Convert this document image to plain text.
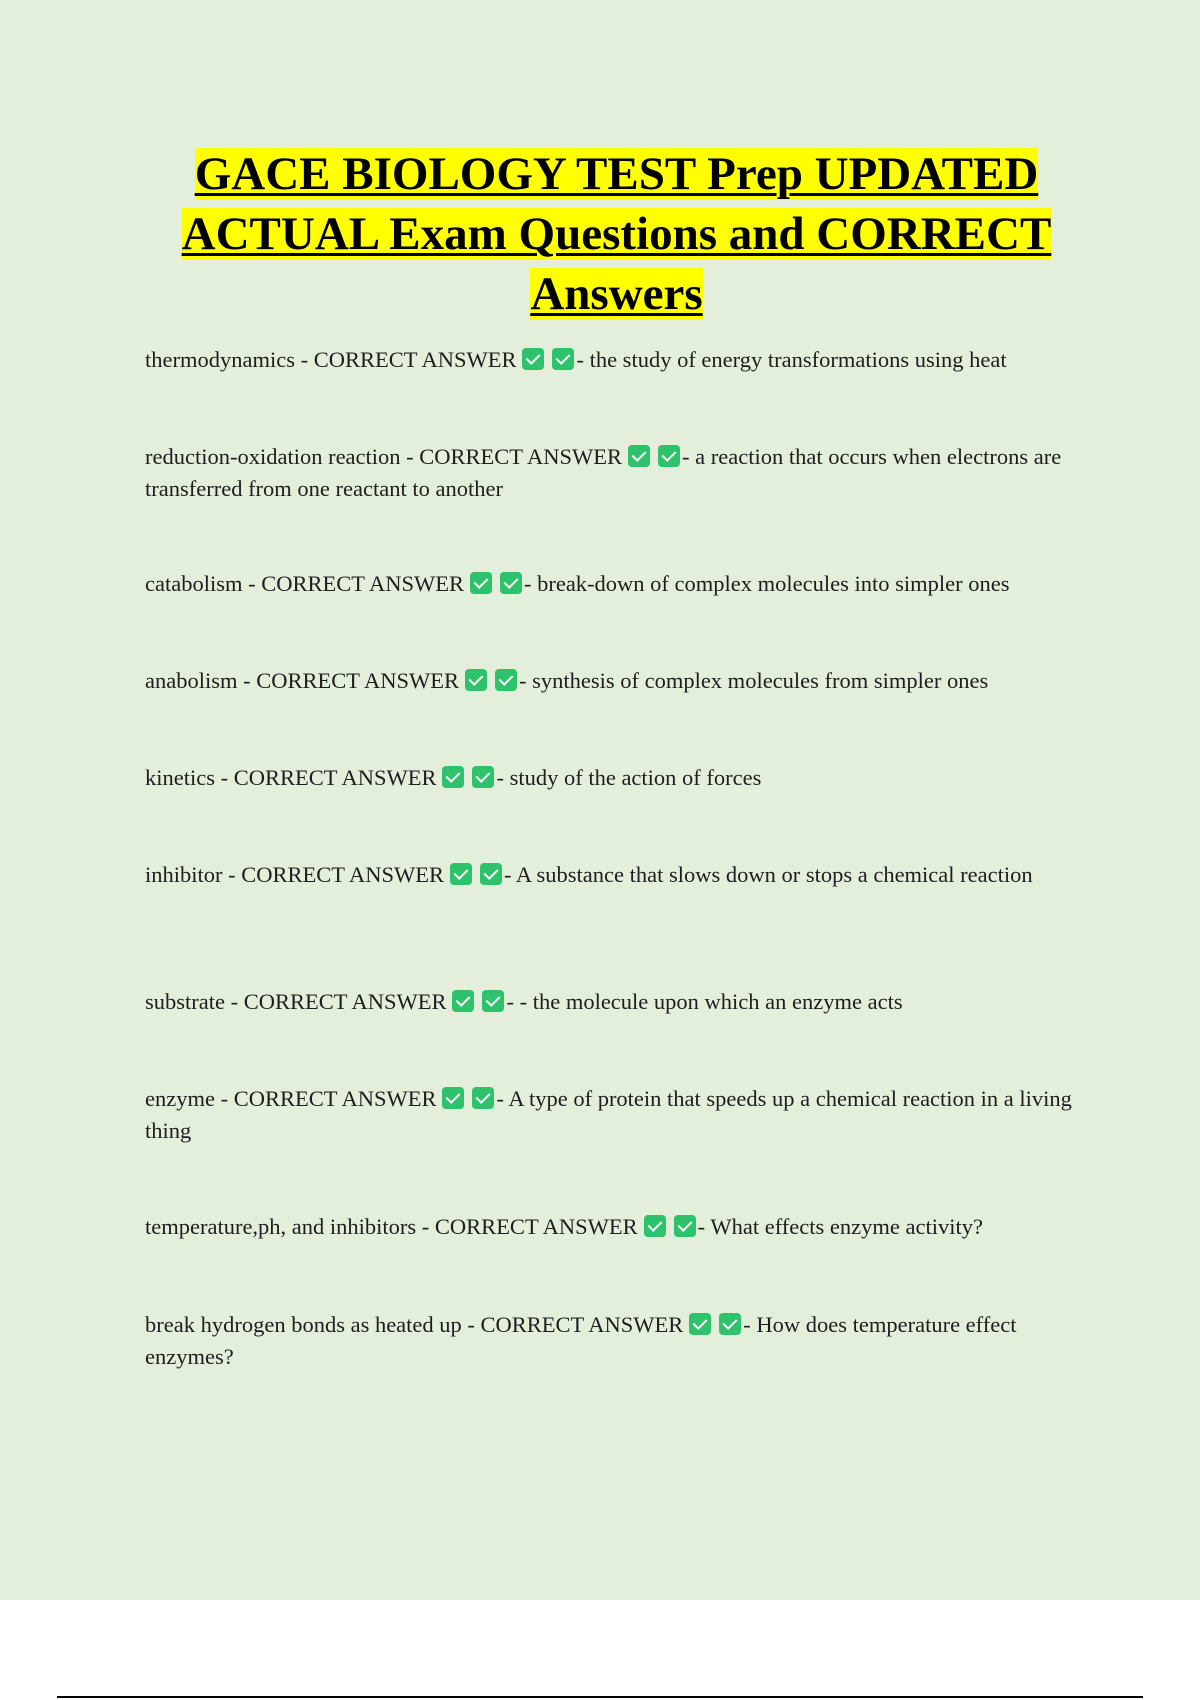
GACE BIOLOGY TEST Prep UPDATED
ACTUAL Exam Questions and CORRECT
Answers
thermodynamics - CORRECT ANSWER	- the study of energy transformations using heat
reduction-oxidation reaction - CORRECT ANSWER	- a reaction that occurs when electrons are transferred from one reactant to another
catabolism - CORRECT ANSWER	- break-down of complex molecules into simpler ones
anabolism - CORRECT ANSWER	- synthesis of complex molecules from simpler ones
kinetics - CORRECT ANSWER	- study of the action of forces
inhibitor - CORRECT ANSWER	- A substance that slows down or stops a chemical reaction
substrate - CORRECT ANSWER	- - the molecule upon which an enzyme acts
enzyme - CORRECT ANSWER	- A type of protein that speeds up a chemical reaction in a living thing
temperature,ph, and inhibitors - CORRECT ANSWER	- What effects enzyme activity?
break hydrogen bonds as heated up - CORRECT ANSWER	- How does temperature effect enzymes?
